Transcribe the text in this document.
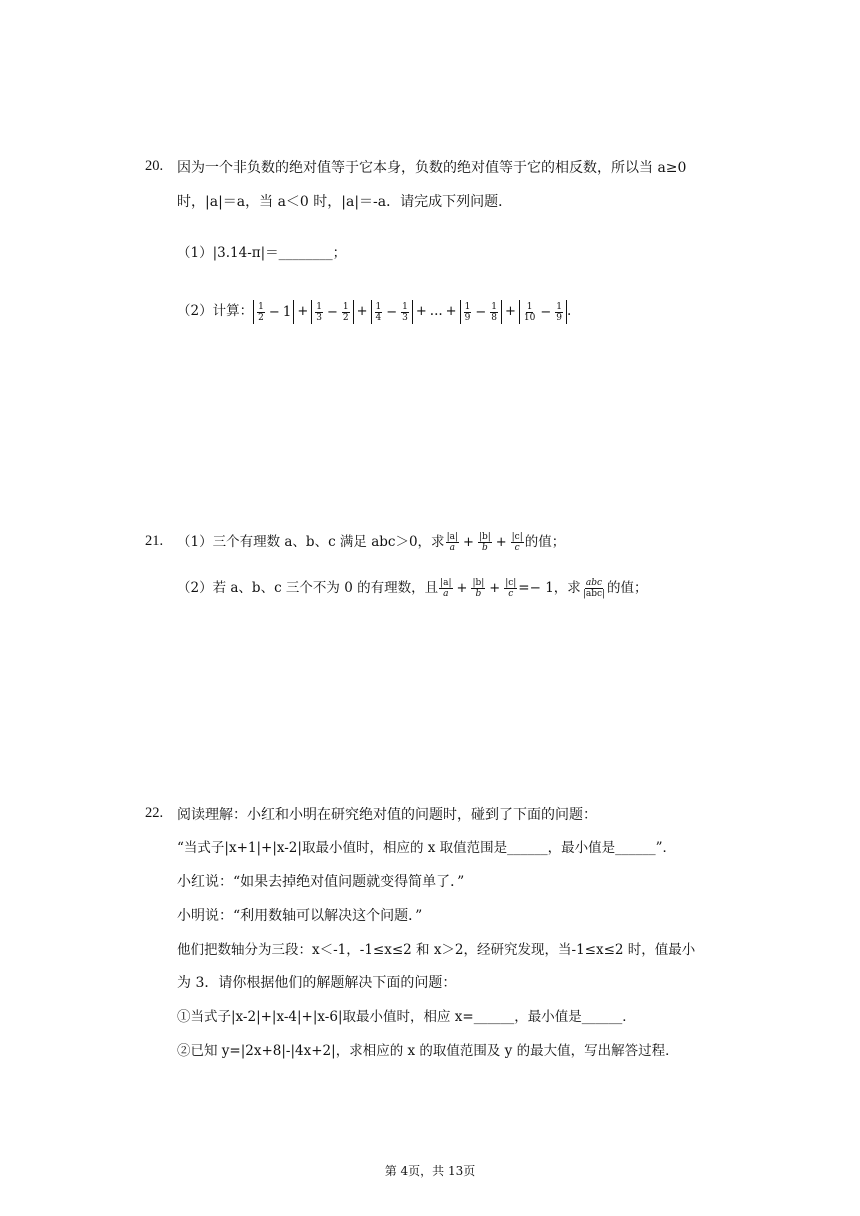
20. 因为一个非负数的绝对值等于它本身，负数的绝对值等于它的相反数，所以当 a≥0
时，|a|＝a，当 a＜0 时，|a|＝-a．请完成下列问题．
（1）|3.14-π|＝________；
（2）计算： $\frac{1}{2} - 1 + \frac{1}{3} - \frac{1}{2} + \frac{1}{4} - \frac{1}{3}$ + ... + $\frac{1}{9} - \frac{1}{8} + \frac{1}{10} - \frac{1}{9}$ .
21. （1）三个有理数 a、b、c 满足 abc＞0，求 $\frac{|a|}{a} + \frac{|b|}{b} + \frac{|c|}{c}$ 的值；
（2）若 a、b、c 三个不为 0 的有理数，且 $\frac{|a|}{a} + \frac{|b|}{b} + \frac{|c|}{c} =- 1$，求 $\frac{\text{abc}}{\text{|abc|}}$ 的值；
22. 阅读理解：小红和小明在研究绝对值的问题时，碰到了下面的问题：
“当式子|x+1|+|x-2|取最小值时，相应的 x 取值范围是______，最小值是______”．
小红说：“如果去掉绝对值问题就变得简单了．”
小明说：“利用数轴可以解决这个问题．”
他们把数轴分为三段：x＜-1，-1≤x≤2 和 x＞2，经研究发现，当-1≤x≤2 时，值最小
为 3．请你根据他们的解题解决下面的问题：
①当式子|x-2|+|x-4|+|x-6|取最小值时，相应 x=______，最小值是______．
②已知 y=|2x+8|-|4x+2|，求相应的 x 的取值范围及 y 的最大值，写出解答过程．
第 4页，共 13页
